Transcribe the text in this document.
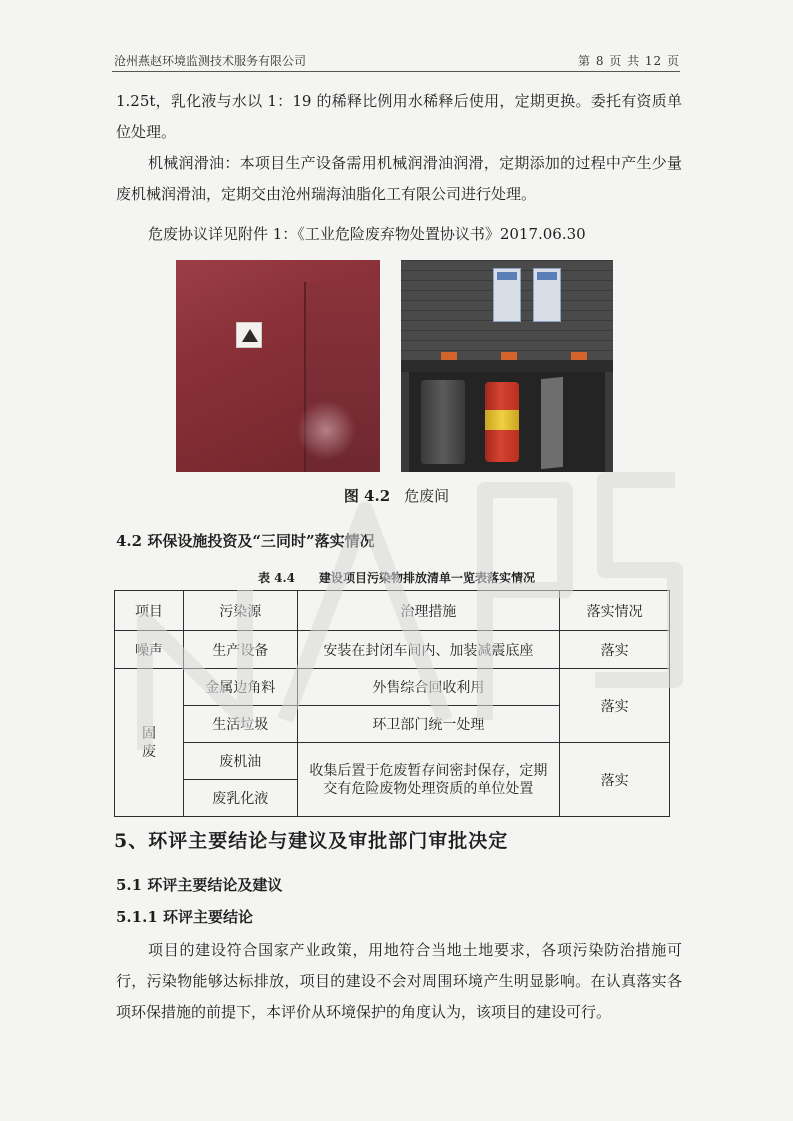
沧州燕赵环境监测技术服务有限公司	第 8 页 共 12 页

1.25t，乳化液与水以 1：19 的稀释比例用水稀释后使用，定期更换。委托有资质单位处理。

机械润滑油：本项目生产设备需用机械润滑油润滑，定期添加的过程中产生少量废机械润滑油，定期交由沧州瑞海油脂化工有限公司进行处理。

危废协议详见附件 1：《工业危险废弃物处置协议书》2017.06.30

图 4.2 危废间
4.2 环保设施投资及“三同时”落实情况
表 4.4　　建设项目污染物排放清单一览表落实情况
项目	污染源	治理措施	落实情况
噪声	生产设备	安装在封闭车间内、加装减震底座	落实
固
废	金属边角料	外售综合回收利用	落实
	生活垃圾	环卫部门统一处理	
	废机油	收集后置于危废暂存间密封保存，定期交有危险废物处理资质的单位处置	落实
	废乳化液		
5、环评主要结论与建议及审批部门审批决定
5.1 环评主要结论及建议
5.1.1 环评主要结论

项目的建设符合国家产业政策，用地符合当地土地要求，各项污染防治措施可行，污染物能够达标排放，项目的建设不会对周围环境产生明显影响。在认真落实各项环保措施的前提下，本评价从环境保护的角度认为，该项目的建设可行。
